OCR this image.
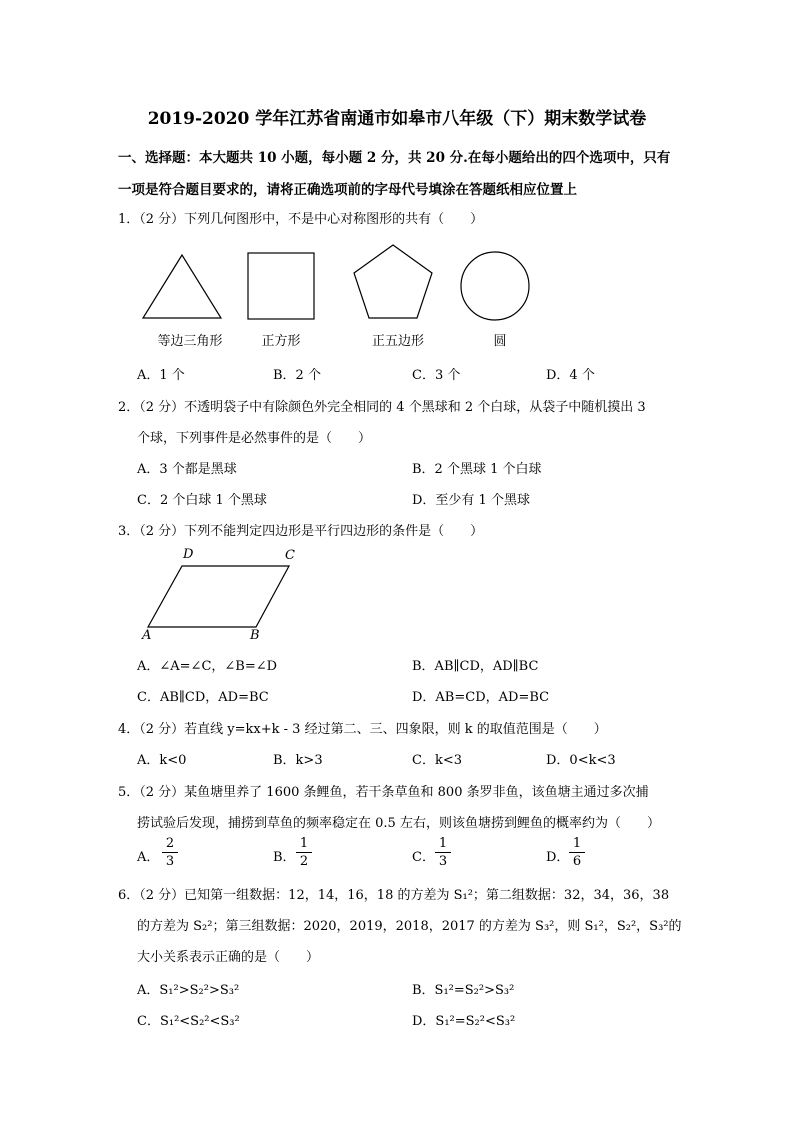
2019-2020 学年江苏省南通市如皋市八年级（下）期末数学试卷
一、选择题：本大题共 10 小题，每小题 2 分，共 20 分.在每小题给出的四个选项中，只有
一项是符合题目要求的，请将正确选项前的字母代号填涂在答题纸相应位置上
1．（2 分）下列几何图形中，不是中心对称图形的共有（　　）
等边三角形	正方形	正五边形	圆
A．1 个	B．2 个	C．3 个	D．4 个
2．（2 分）不透明袋子中有除颜色外完全相同的 4 个黑球和 2 个白球，从袋子中随机摸出 3
个球，下列事件是必然事件的是（　　）
A．3 个都是黑球	B．2 个黑球 1 个白球
C．2 个白球 1 个黑球	D．至少有 1 个黑球
3．（2 分）下列不能判定四边形是平行四边形的条件是（　　）
D	C
A	B
A．∠A=∠C，∠B=∠D	B．AB∥CD，AD∥BC
C．AB∥CD，AD=BC	D．AB=CD，AD=BC
4．（2 分）若直线 y=kx+k - 3 经过第二、三、四象限，则 k 的取值范围是（　　）
A．k<0	B．k>3	C．k<3	D．0<k<3
5．（2 分）某鱼塘里养了 1600 条鲤鱼，若干条草鱼和 800 条罗非鱼，该鱼塘主通过多次捕
捞试验后发现，捕捞到草鱼的频率稳定在 0.5 左右，则该鱼塘捞到鲤鱼的概率约为（　　）
A．
2
3	B．
1
2	C．
1
3	D．
1
6
6．（2 分）已知第一组数据：12，14，16，18 的方差为 S₁²；第二组数据：32，34，36，38
的方差为 S₂²；第三组数据：2020，2019，2018，2017 的方差为 S₃²，则 S₁²，S₂²，S₃²的
大小关系表示正确的是（　　）
A．S₁²>S₂²>S₃²	B．S₁²=S₂²>S₃²
C．S₁²<S₂²<S₃²	D．S₁²=S₂²<S₃²
